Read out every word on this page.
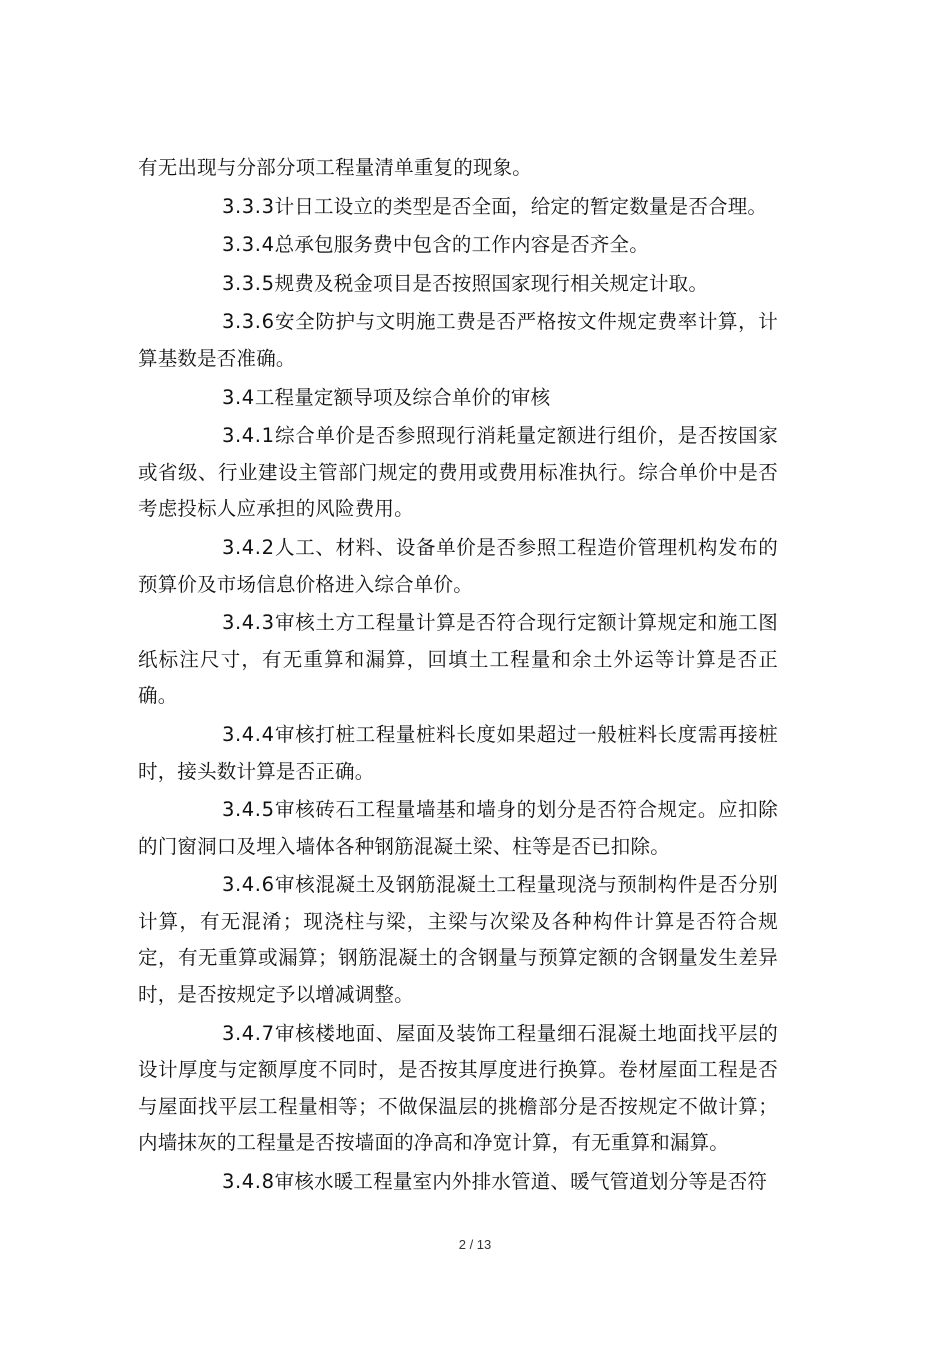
有无出现与分部分项工程量清单重复的现象。

3.3.3计日工设立的类型是否全面，给定的暂定数量是否合理。

3.3.4总承包服务费中包含的工作内容是否齐全。

3.3.5规费及税金项目是否按照国家现行相关规定计取。

3.3.6安全防护与文明施工费是否严格按文件规定费率计算，计算基数是否准确。

3.4工程量定额导项及综合单价的审核

3.4.1综合单价是否参照现行消耗量定额进行组价，是否按国家或省级、行业建设主管部门规定的费用或费用标准执行。综合单价中是否考虑投标人应承担的风险费用。

3.4.2人工、材料、设备单价是否参照工程造价管理机构发布的预算价及市场信息价格进入综合单价。

3.4.3审核土方工程量计算是否符合现行定额计算规定和施工图纸标注尺寸，有无重算和漏算，回填土工程量和余土外运等计算是否正确。

3.4.4审核打桩工程量桩料长度如果超过一般桩料长度需再接桩时，接头数计算是否正确。

3.4.5审核砖石工程量墙基和墙身的划分是否符合规定。应扣除的门窗洞口及埋入墙体各种钢筋混凝土梁、柱等是否已扣除。

3.4.6审核混凝土及钢筋混凝土工程量现浇与预制构件是否分别计算，有无混淆；现浇柱与梁，主梁与次梁及各种构件计算是否符合规定，有无重算或漏算；钢筋混凝土的含钢量与预算定额的含钢量发生差异时，是否按规定予以增减调整。

3.4.7审核楼地面、屋面及装饰工程量细石混凝土地面找平层的设计厚度与定额厚度不同时，是否按其厚度进行换算。卷材屋面工程是否与屋面找平层工程量相等；不做保温层的挑檐部分是否按规定不做计算；内墙抹灰的工程量是否按墙面的净高和净宽计算，有无重算和漏算。

3.4.8审核水暖工程量室内外排水管道、暖气管道划分等是否符

2 / 13
